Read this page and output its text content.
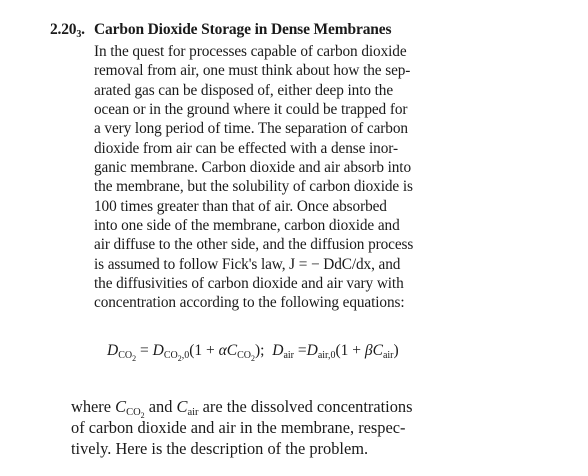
$2.20_3$. Carbon Dioxide Storage in Dense Membranes
In the quest for processes capable of carbon dioxide
removal from air, one must think about how the sep-
arated gas can be disposed of, either deep into the
ocean or in the ground where it could be trapped for
a very long period of time. The separation of carbon
dioxide from air can be effected with a dense inor-
ganic membrane. Carbon dioxide and air absorb into
the membrane, but the solubility of carbon dioxide is
100 times greater than that of air. Once absorbed
into one side of the membrane, carbon dioxide and
air diffuse to the other side, and the diffusion process
is assumed to follow Fick's law, J = − DdC/dx, and
the diffusivities of carbon dioxide and air vary with
concentration according to the following equations:
$D_{CO_2} = D_{CO_2,0}(1 + \alpha C_{CO_2})$; $D_{air} =D_{air,0}(1 + \beta C_{air})$
where $C_{CO_2}$ and $C_{air}$ are the dissolved concentrations
of carbon dioxide and air in the membrane, respec-
tively. Here is the description of the problem.
